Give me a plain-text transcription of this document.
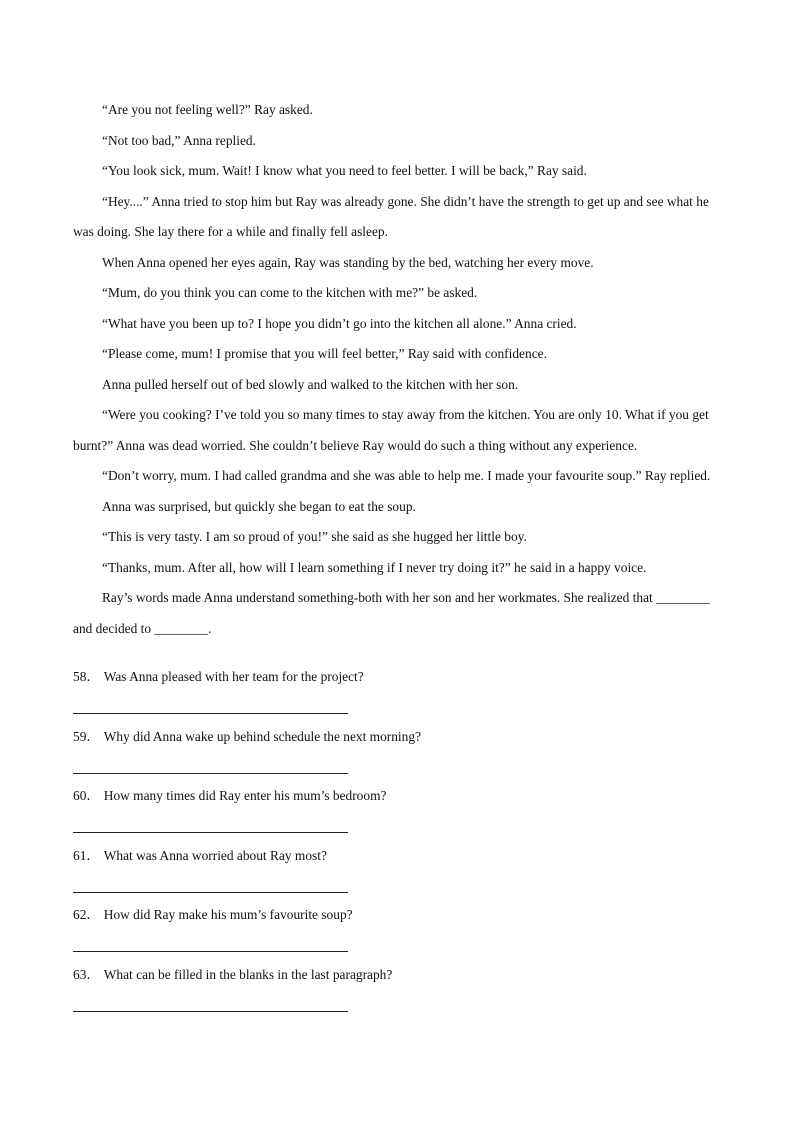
“Are you not feeling well?” Ray asked.

“Not too bad,” Anna replied.

“You look sick, mum. Wait! I know what you need to feel better. I will be back,” Ray said.

“Hey....” Anna tried to stop him but Ray was already gone. She didn’t have the strength to get up and see what he was doing. She lay there for a while and finally fell asleep.

When Anna opened her eyes again, Ray was standing by the bed, watching her every move.

“Mum, do you think you can come to the kitchen with me?” be asked.

“What have you been up to? I hope you didn’t go into the kitchen all alone.” Anna cried.

“Please come, mum! I promise that you will feel better,” Ray said with confidence.

Anna pulled herself out of bed slowly and walked to the kitchen with her son.

“Were you cooking? I’ve told you so many times to stay away from the kitchen. You are only 10. What if you get burnt?” Anna was dead worried. She couldn’t believe Ray would do such a thing without any experience.

“Don’t worry, mum. I had called grandma and she was able to help me. I made your favourite soup.” Ray replied.

Anna was surprised, but quickly she began to eat the soup.

“This is very tasty. I am so proud of you!” she said as she hugged her little boy.

“Thanks, mum. After all, how will I learn something if I never try doing it?” he said in a happy voice.

Ray’s words made Anna understand something-both with her son and her workmates. She realized that ________ and decided to ________.

58． Was Anna pleased with her team for the project?
59． Why did Anna wake up behind schedule the next morning?
60． How many times did Ray enter his mum’s bedroom?
61． What was Anna worried about Ray most?
62． How did Ray make his mum’s favourite soup?
63． What can be filled in the blanks in the last paragraph?
